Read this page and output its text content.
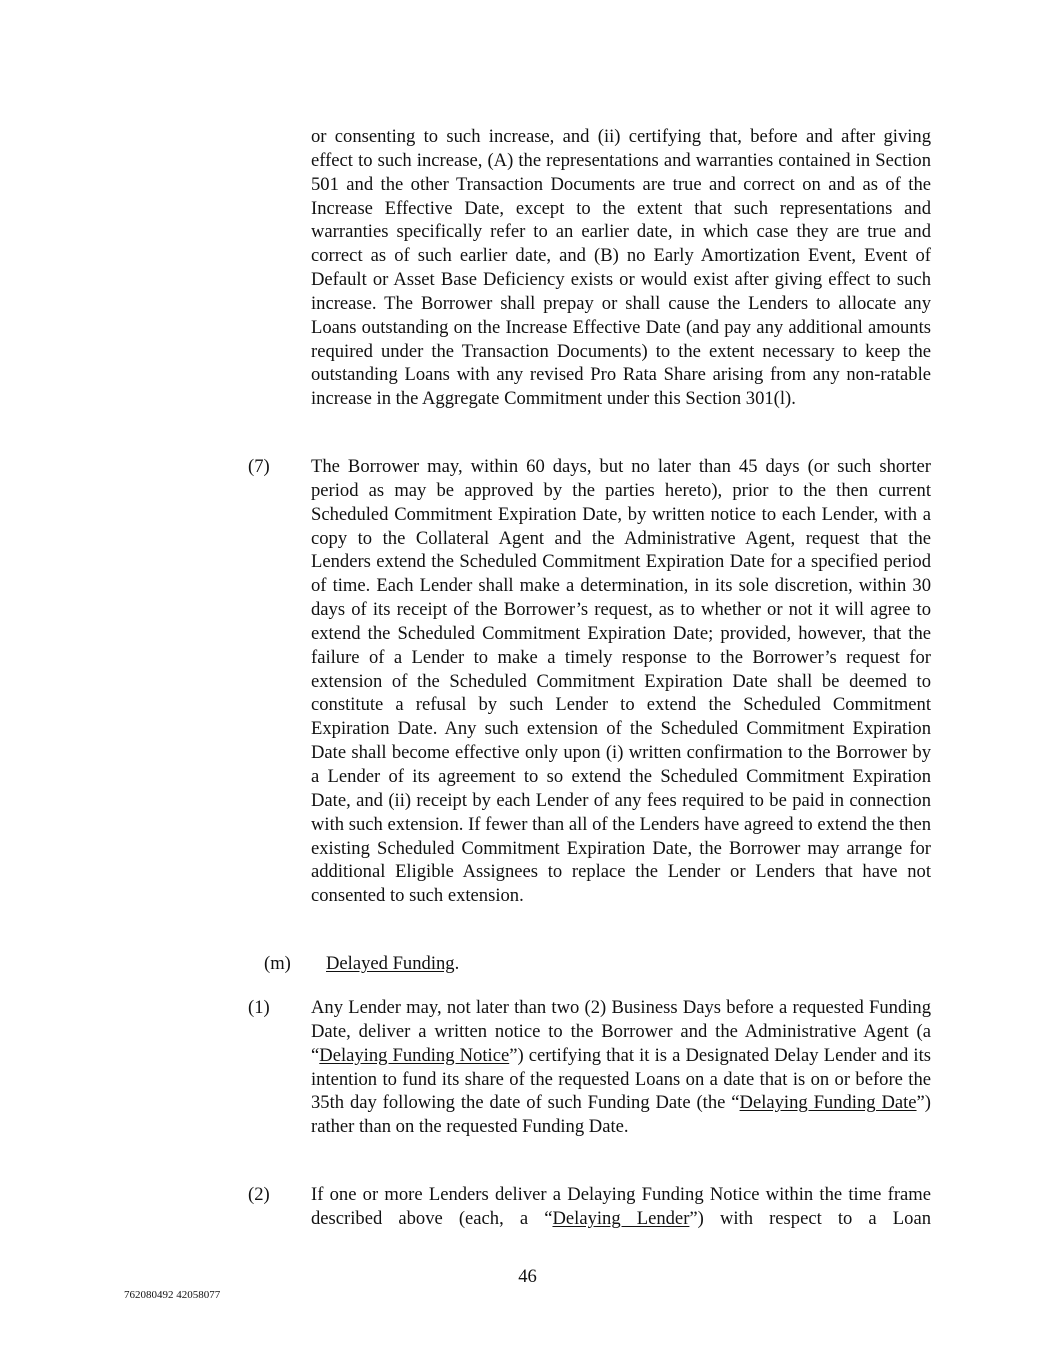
or consenting to such increase, and (ii) certifying that, before and after giving effect to such increase, (A) the representations and warranties contained in Section 501 and the other Transaction Documents are true and correct on and as of the Increase Effective Date, except to the extent that such representations and warranties specifically refer to an earlier date, in which case they are true and correct as of such earlier date, and (B) no Early Amortization Event, Event of Default or Asset Base Deficiency exists or would exist after giving effect to such increase. The Borrower shall prepay or shall cause the Lenders to allocate any Loans outstanding on the Increase Effective Date (and pay any additional amounts required under the Transaction Documents) to the extent necessary to keep the outstanding Loans with any revised Pro Rata Share arising from any non-ratable increase in the Aggregate Commitment under this Section 301(l).
(7) The Borrower may, within 60 days, but no later than 45 days (or such shorter period as may be approved by the parties hereto), prior to the then current Scheduled Commitment Expiration Date, by written notice to each Lender, with a copy to the Collateral Agent and the Administrative Agent, request that the Lenders extend the Scheduled Commitment Expiration Date for a specified period of time. Each Lender shall make a determination, in its sole discretion, within 30 days of its receipt of the Borrower’s request, as to whether or not it will agree to extend the Scheduled Commitment Expiration Date; provided, however, that the failure of a Lender to make a timely response to the Borrower’s request for extension of the Scheduled Commitment Expiration Date shall be deemed to constitute a refusal by such Lender to extend the Scheduled Commitment Expiration Date. Any such extension of the Scheduled Commitment Expiration Date shall become effective only upon (i) written confirmation to the Borrower by a Lender of its agreement to so extend the Scheduled Commitment Expiration Date, and (ii) receipt by each Lender of any fees required to be paid in connection with such extension. If fewer than all of the Lenders have agreed to extend the then existing Scheduled Commitment Expiration Date, the Borrower may arrange for additional Eligible Assignees to replace the Lender or Lenders that have not consented to such extension.
(m) Delayed Funding.
(1) Any Lender may, not later than two (2) Business Days before a requested Funding Date, deliver a written notice to the Borrower and the Administrative Agent (a “Delaying Funding Notice”) certifying that it is a Designated Delay Lender and its intention to fund its share of the requested Loans on a date that is on or before the 35th day following the date of such Funding Date (the “Delaying Funding Date”) rather than on the requested Funding Date.
(2) If one or more Lenders deliver a Delaying Funding Notice within the time frame described above (each, a “Delaying Lender”) with respect to a Loan
46
762080492 42058077
